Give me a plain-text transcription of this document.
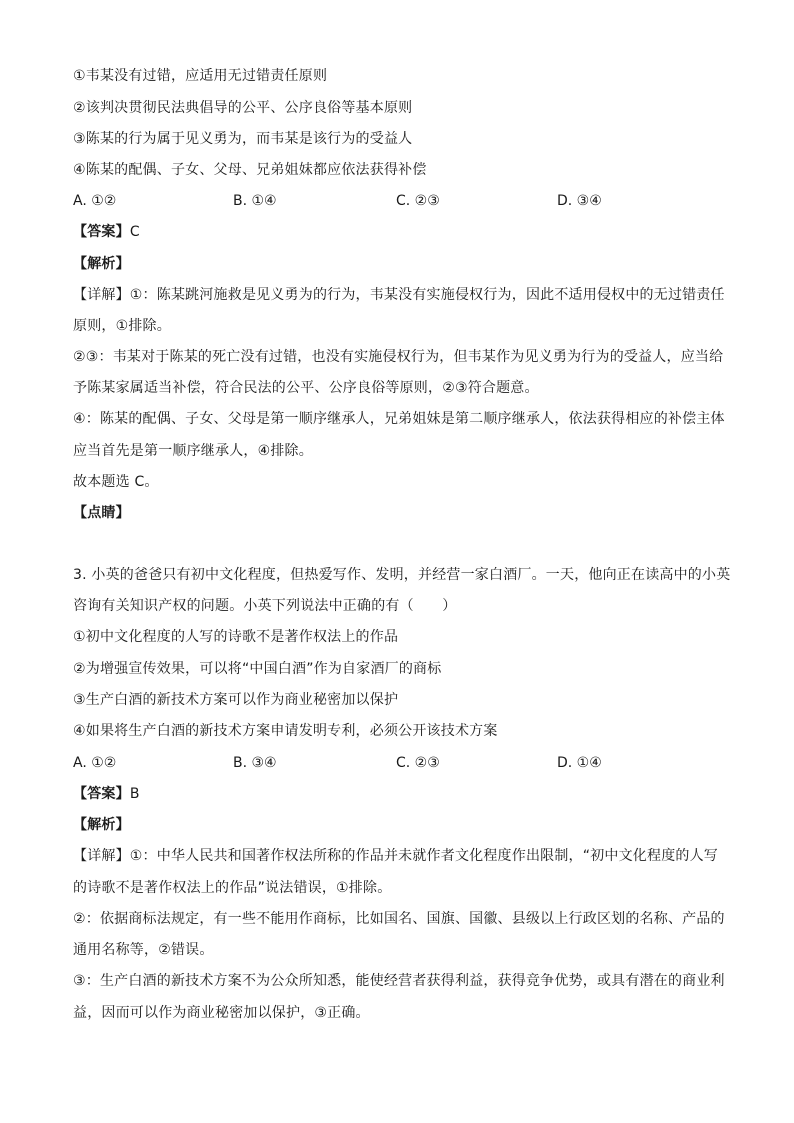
①韦某没有过错，应适用无过错责任原则
②该判决贯彻民法典倡导的公平、公序良俗等基本原则
③陈某的行为属于见义勇为，而韦某是该行为的受益人
④陈某的配偶、子女、父母、兄弟姐妹都应依法获得补偿
A. ①②	B. ①④	C. ②③	D. ③④
【答案】C
【解析】
【详解】①：陈某跳河施救是见义勇为的行为，韦某没有实施侵权行为，因此不适用侵权中的无过错责任
原则，①排除。
②③：韦某对于陈某的死亡没有过错，也没有实施侵权行为，但韦某作为见义勇为行为的受益人，应当给
予陈某家属适当补偿，符合民法的公平、公序良俗等原则，②③符合题意。
④：陈某的配偶、子女、父母是第一顺序继承人，兄弟姐妹是第二顺序继承人，依法获得相应的补偿主体
应当首先是第一顺序继承人，④排除。
故本题选 C。
【点睛】
3. 小英的爸爸只有初中文化程度，但热爱写作、发明，并经营一家白酒厂。一天，他向正在读高中的小英
咨询有关知识产权的问题。小英下列说法中正确的有（　　）
①初中文化程度的人写的诗歌不是著作权法上的作品
②为增强宣传效果，可以将“中国白酒”作为自家酒厂的商标
③生产白酒的新技术方案可以作为商业秘密加以保护
④如果将生产白酒的新技术方案申请发明专利，必须公开该技术方案
A. ①②	B. ③④	C. ②③	D. ①④
【答案】B
【解析】
【详解】①：中华人民共和国著作权法所称的作品并未就作者文化程度作出限制，“初中文化程度的人写
的诗歌不是著作权法上的作品”说法错误，①排除。
②：依据商标法规定，有一些不能用作商标，比如国名、国旗、国徽、县级以上行政区划的名称、产品的
通用名称等，②错误。
③：生产白酒的新技术方案不为公众所知悉，能使经营者获得利益，获得竞争优势，或具有潜在的商业利
益，因而可以作为商业秘密加以保护，③正确。
